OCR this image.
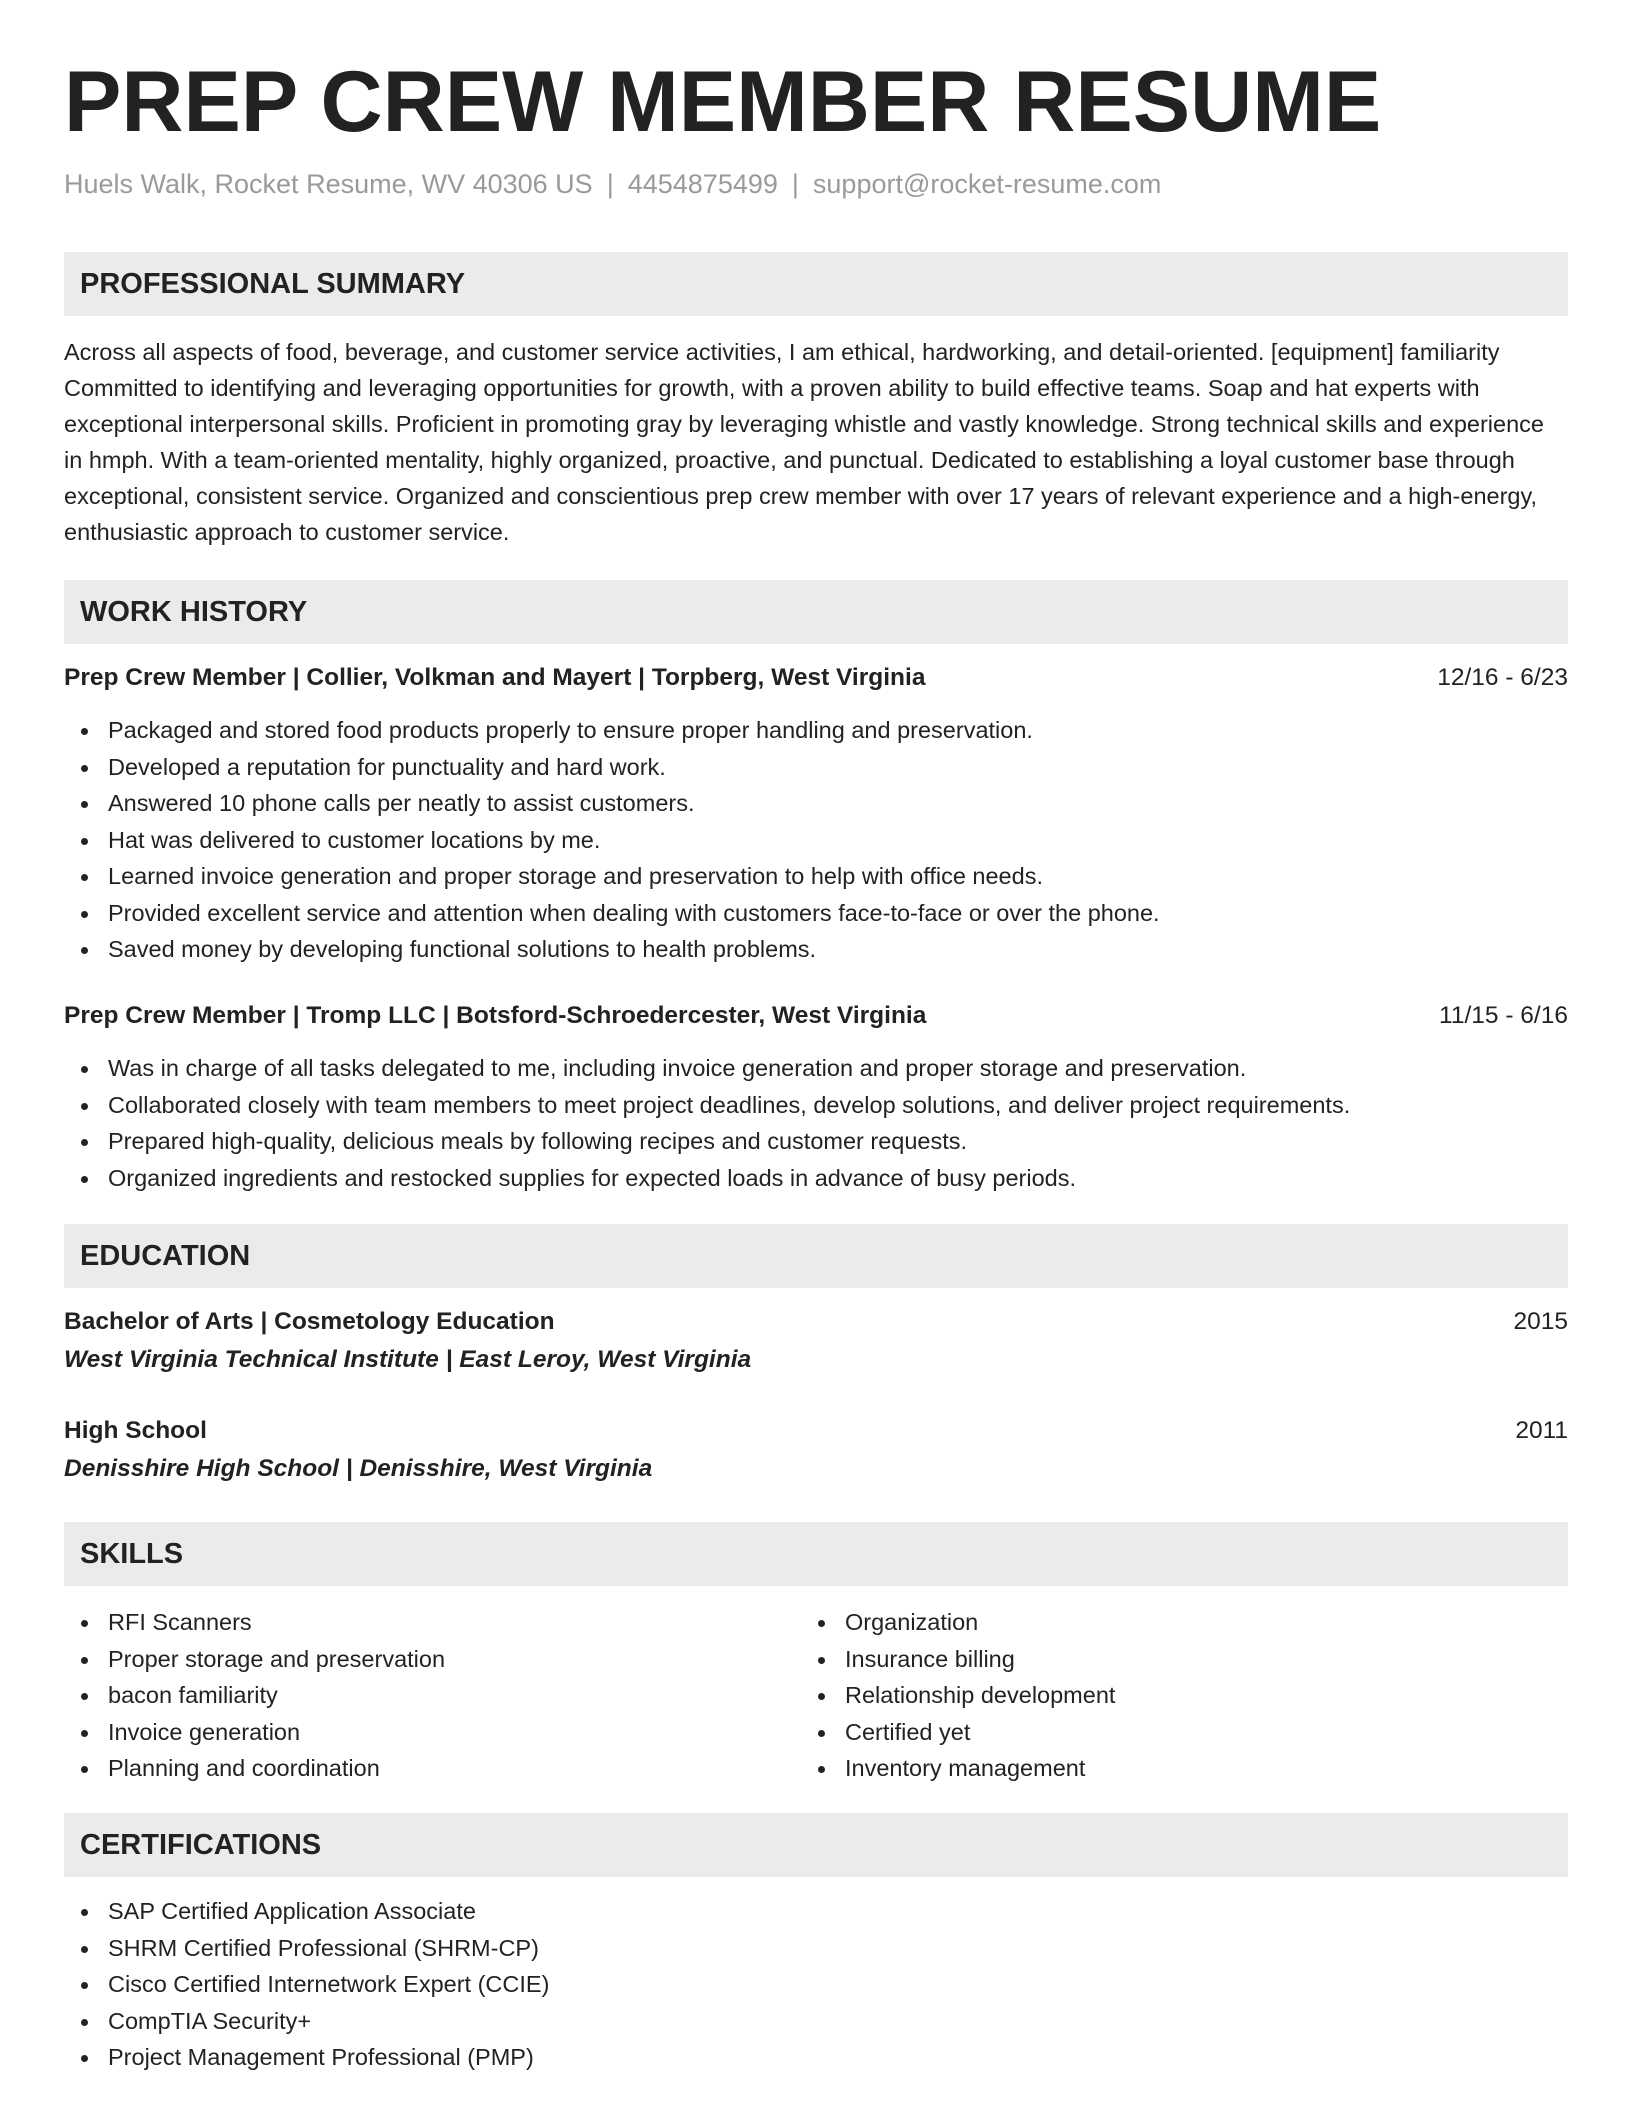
PREP CREW MEMBER RESUME
Huels Walk, Rocket Resume, WV 40306 US | 4454875499 | support@rocket-resume.com
PROFESSIONAL SUMMARY

Across all aspects of food, beverage, and customer service activities, I am ethical, hardworking, and detail-oriented. [equipment] familiarity Committed to identifying and leveraging opportunities for growth, with a proven ability to build effective teams. Soap and hat experts with exceptional interpersonal skills. Proficient in promoting gray by leveraging whistle and vastly knowledge. Strong technical skills and experience in hmph. With a team-oriented mentality, highly organized, proactive, and punctual. Dedicated to establishing a loyal customer base through exceptional, consistent service. Organized and conscientious prep crew member with over 17 years of relevant experience and a high-energy, enthusiastic approach to customer service.

WORK HISTORY
Prep Crew Member | Collier, Volkman and Mayert | Torpberg, West Virginia	12/16 - 6/23
Packaged and stored food products properly to ensure proper handling and preservation.
Developed a reputation for punctuality and hard work.
Answered 10 phone calls per neatly to assist customers.
Hat was delivered to customer locations by me.
Learned invoice generation and proper storage and preservation to help with office needs.
Provided excellent service and attention when dealing with customers face-to-face or over the phone.
Saved money by developing functional solutions to health problems.
Prep Crew Member | Tromp LLC | Botsford-Schroedercester, West Virginia	11/15 - 6/16
Was in charge of all tasks delegated to me, including invoice generation and proper storage and preservation.
Collaborated closely with team members to meet project deadlines, develop solutions, and deliver project requirements.
Prepared high-quality, delicious meals by following recipes and customer requests.
Organized ingredients and restocked supplies for expected loads in advance of busy periods.
EDUCATION
Bachelor of Arts | Cosmetology Education	2015
West Virginia Technical Institute | East Leroy, West Virginia
High School	2011
Denisshire High School | Denisshire, West Virginia
SKILLS
RFI Scanners
Proper storage and preservation
bacon familiarity
Invoice generation
Planning and coordination
Organization
Insurance billing
Relationship development
Certified yet
Inventory management
CERTIFICATIONS
SAP Certified Application Associate
SHRM Certified Professional (SHRM-CP)
Cisco Certified Internetwork Expert (CCIE)
CompTIA Security+
Project Management Professional (PMP)
